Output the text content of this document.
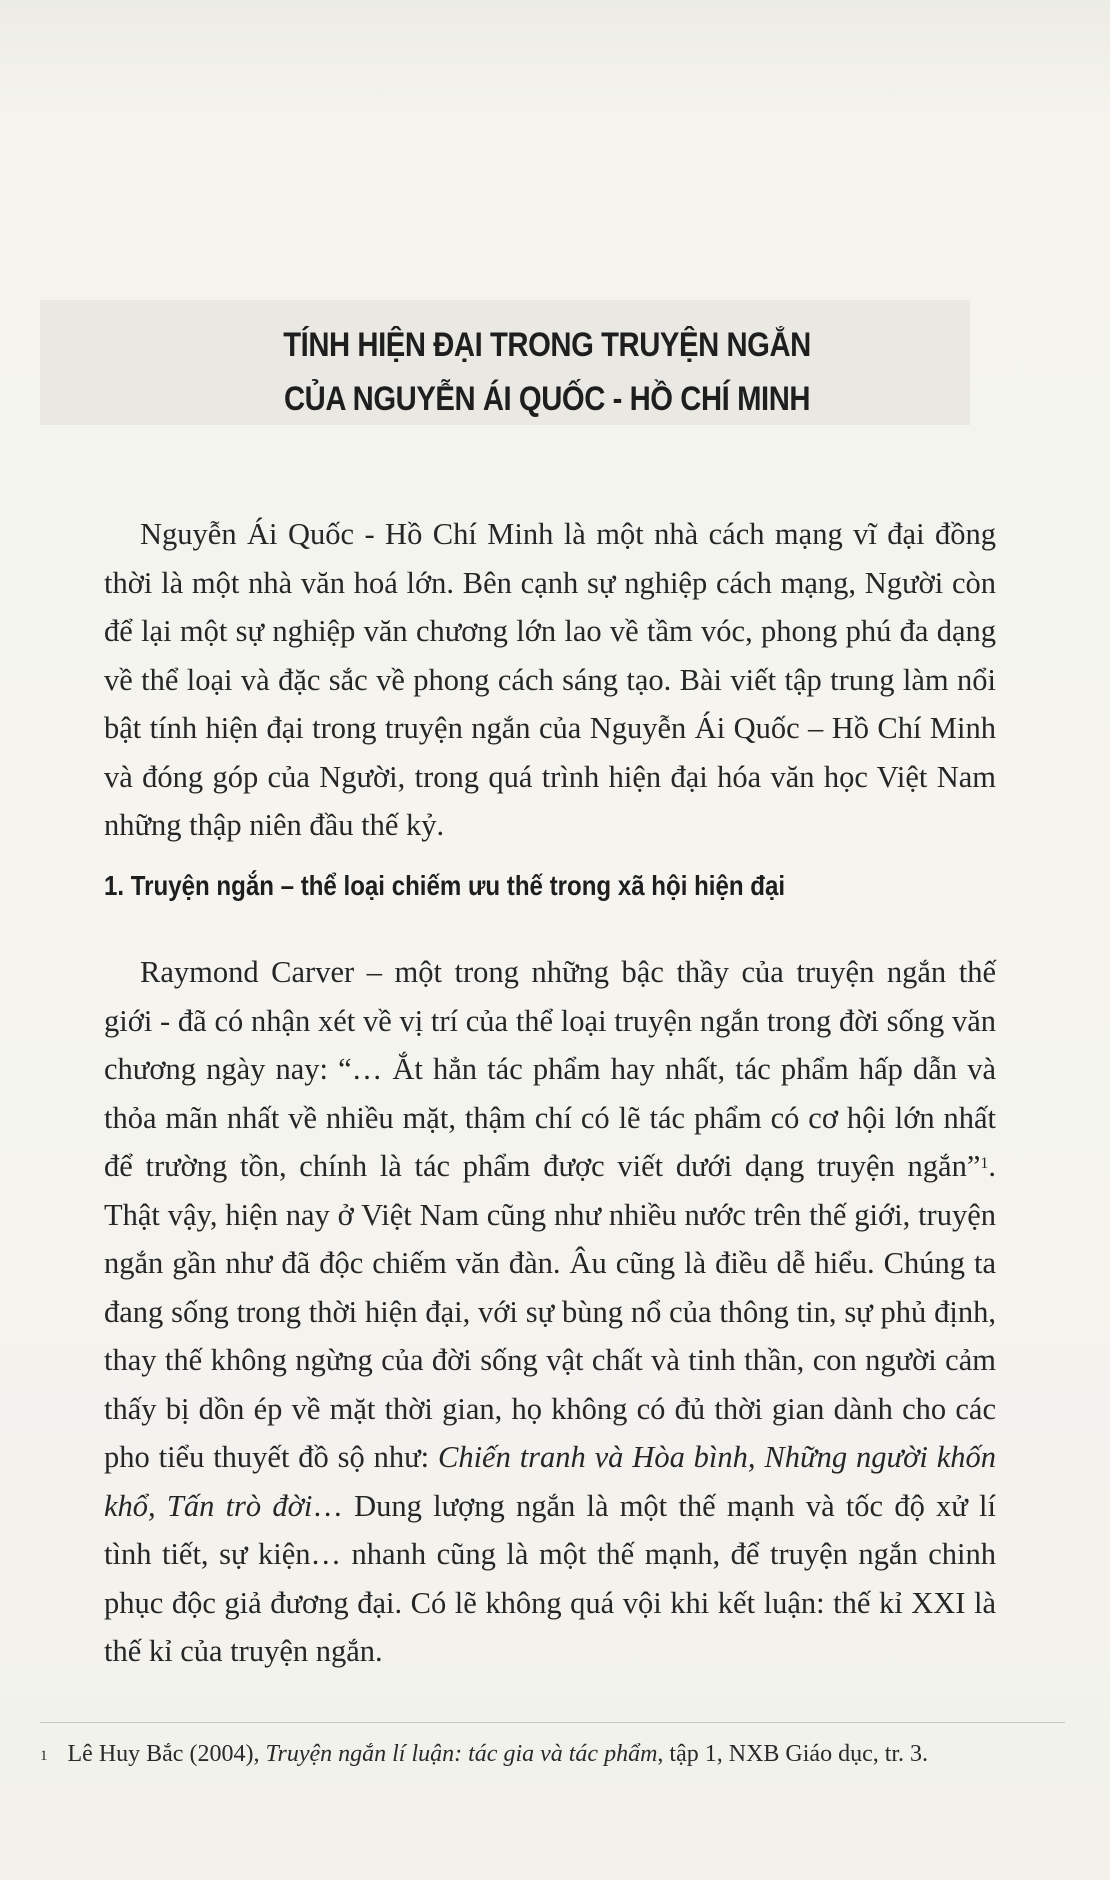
TÍNH HIỆN ĐẠI TRONG TRUYỆN NGẮN
CỦA NGUYỄN ÁI QUỐC - HỒ CHÍ MINH

Nguyễn Ái Quốc - Hồ Chí Minh là một nhà cách mạng vĩ đại đồng thời là một nhà văn hoá lớn. Bên cạnh sự nghiệp cách mạng, Người còn để lại một sự nghiệp văn chương lớn lao về tầm vóc, phong phú đa dạng về thể loại và đặc sắc về phong cách sáng tạo. Bài viết tập trung làm nổi bật tính hiện đại trong truyện ngắn của Nguyễn Ái Quốc – Hồ Chí Minh và đóng góp của Người, trong quá trình hiện đại hóa văn học Việt Nam những thập niên đầu thế kỷ.

1. Truyện ngắn – thể loại chiếm ưu thế trong xã hội hiện đại

Raymond Carver – một trong những bậc thầy của truyện ngắn thế giới - đã có nhận xét về vị trí của thể loại truyện ngắn trong đời sống văn chương ngày nay: “… Ắt hẳn tác phẩm hay nhất, tác phẩm hấp dẫn và thỏa mãn nhất về nhiều mặt, thậm chí có lẽ tác phẩm có cơ hội lớn nhất để trường tồn, chính là tác phẩm được viết dưới dạng truyện ngắn”$^1$. Thật vậy, hiện nay ở Việt Nam cũng như nhiều nước trên thế giới, truyện ngắn gần như đã độc chiếm văn đàn. Âu cũng là điều dễ hiểu. Chúng ta đang sống trong thời hiện đại, với sự bùng nổ của thông tin, sự phủ định, thay thế không ngừng của đời sống vật chất và tinh thần, con người cảm thấy bị dồn ép về mặt thời gian, họ không có đủ thời gian dành cho các pho tiểu thuyết đồ sộ như: Chiến tranh và Hòa bình, Những người khốn khổ, Tấn trò đời… Dung lượng ngắn là một thế mạnh và tốc độ xử lí tình tiết, sự kiện… nhanh cũng là một thế mạnh, để truyện ngắn chinh phục độc giả đương đại. Có lẽ không quá vội khi kết luận: thế kỉ XXI là thế kỉ của truyện ngắn.

$^1$ Lê Huy Bắc (2004), Truyện ngắn lí luận: tác gia và tác phẩm, tập 1, NXB Giáo dục, tr. 3.
